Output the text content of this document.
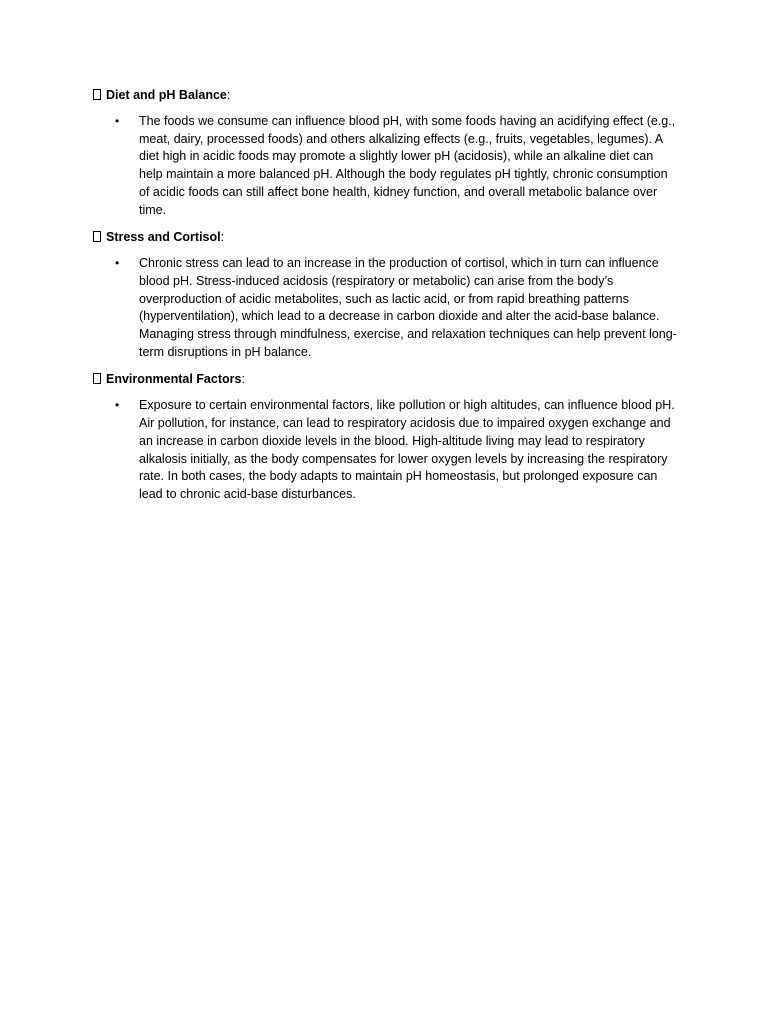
Diet and pH Balance :
• The foods we consume can influence blood pH, with some foods having an acidifying effect (e.g., meat, dairy, processed foods) and others alkalizing effects (e.g., fruits, vegetables, legumes). A diet high in acidic foods may promote a slightly lower pH (acidosis), while an alkaline diet can help maintain a more balanced pH. Although the body regulates pH tightly, chronic consumption of acidic foods can still affect bone health, kidney function, and overall metabolic balance over time.
Stress and Cortisol :
• Chronic stress can lead to an increase in the production of cortisol, which in turn can influence blood pH. Stress-induced acidosis (respiratory or metabolic) can arise from the body’s overproduction of acidic metabolites, such as lactic acid, or from rapid breathing patterns (hyperventilation), which lead to a decrease in carbon dioxide and alter the acid-base balance. Managing stress through mindfulness, exercise, and relaxation techniques can help prevent long-term disruptions in pH balance.
Environmental Factors :
• Exposure to certain environmental factors, like pollution or high altitudes, can influence blood pH. Air pollution, for instance, can lead to respiratory acidosis due to impaired oxygen exchange and an increase in carbon dioxide levels in the blood. High-altitude living may lead to respiratory alkalosis initially, as the body compensates for lower oxygen levels by increasing the respiratory rate. In both cases, the body adapts to maintain pH homeostasis, but prolonged exposure can lead to chronic acid-base disturbances.
